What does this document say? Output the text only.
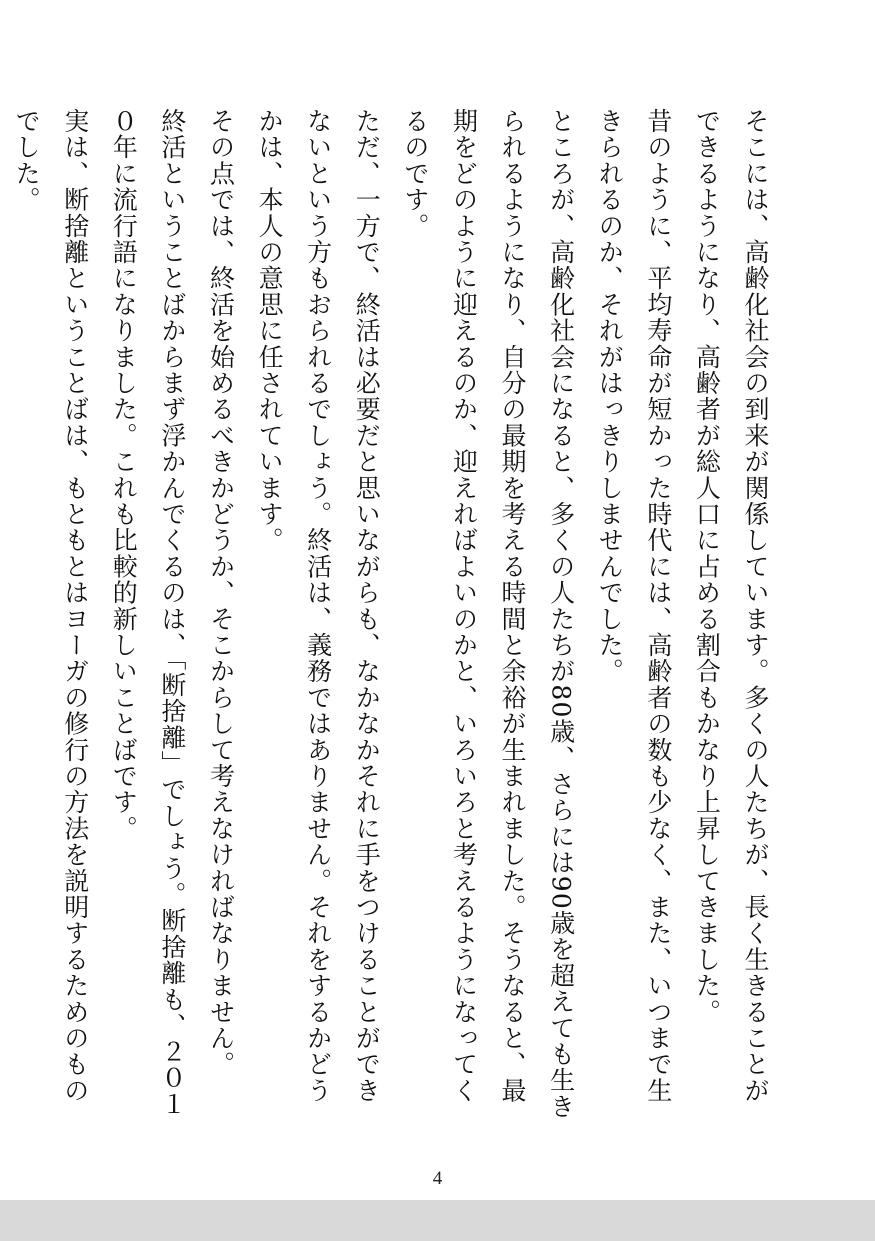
そこには、高齢化社会の到来が関係しています。多くの人たちが、長く生きることができるようになり、高齢者が総人口に占める割合もかなり上昇してきました。

昔のように、平均寿命が短かった時代には、高齢者の数も少なく、また、いつまで生きられるのか、それがはっきりしませんでした。

ところが、高齢化社会になると、多くの人たちが80歳、さらには90歳を超えても生きられるようになり、自分の最期を考える時間と余裕が生まれました。そうなると、最期をどのように迎えるのか、迎えればよいのかと、いろいろと考えるようになってくるのです。

ただ、一方で、終活は必要だと思いながらも、なかなかそれに手をつけることができないという方もおられるでしょう。終活は、義務ではありません。それをするかどうかは、本人の意思に任されています。

その点では、終活を始めるべきかどうか、そこからして考えなければなりません。

終活ということばからまず浮かんでくるのは、「断捨離」でしょう。断捨離も、２０１０年に流行語になりました。これも比較的新しいことばです。

実は、断捨離ということばは、もともとはヨーガの修行の方法を説明するためのものでした。

4
